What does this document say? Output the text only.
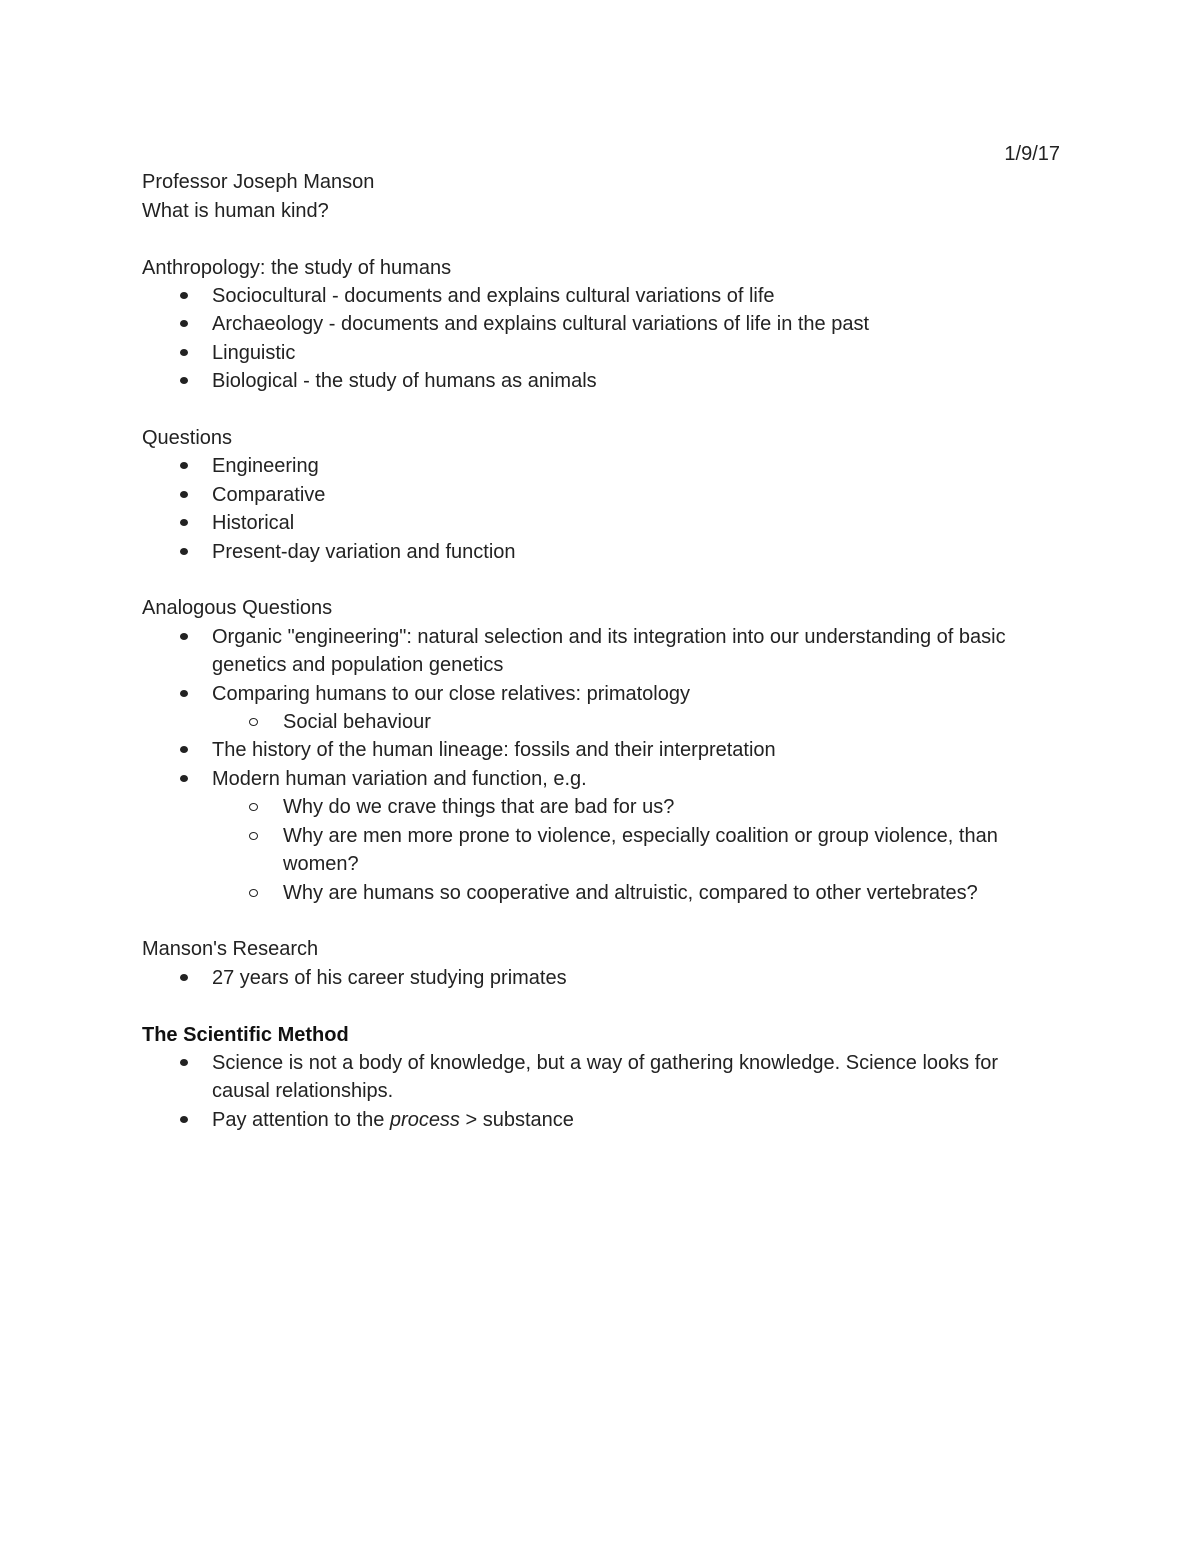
1/9/17
Professor Joseph Manson
What is human kind?
Anthropology: the study of humans
Sociocultural - documents and explains cultural variations of life
Archaeology - documents and explains cultural variations of life in the past
Linguistic
Biological - the study of humans as animals
Questions
Engineering
Comparative
Historical
Present-day variation and function
Analogous Questions
Organic "engineering": natural selection and its integration into our understanding of basic genetics and population genetics
Comparing humans to our close relatives: primatology
Social behaviour
The history of the human lineage: fossils and their interpretation
Modern human variation and function, e.g.
Why do we crave things that are bad for us?
Why are men more prone to violence, especially coalition or group violence, than women?
Why are humans so cooperative and altruistic, compared to other vertebrates?
Manson's Research
27 years of his career studying primates
The Scientific Method
Science is not a body of knowledge, but a way of gathering knowledge. Science looks for causal relationships.
Pay attention to the process > substance
